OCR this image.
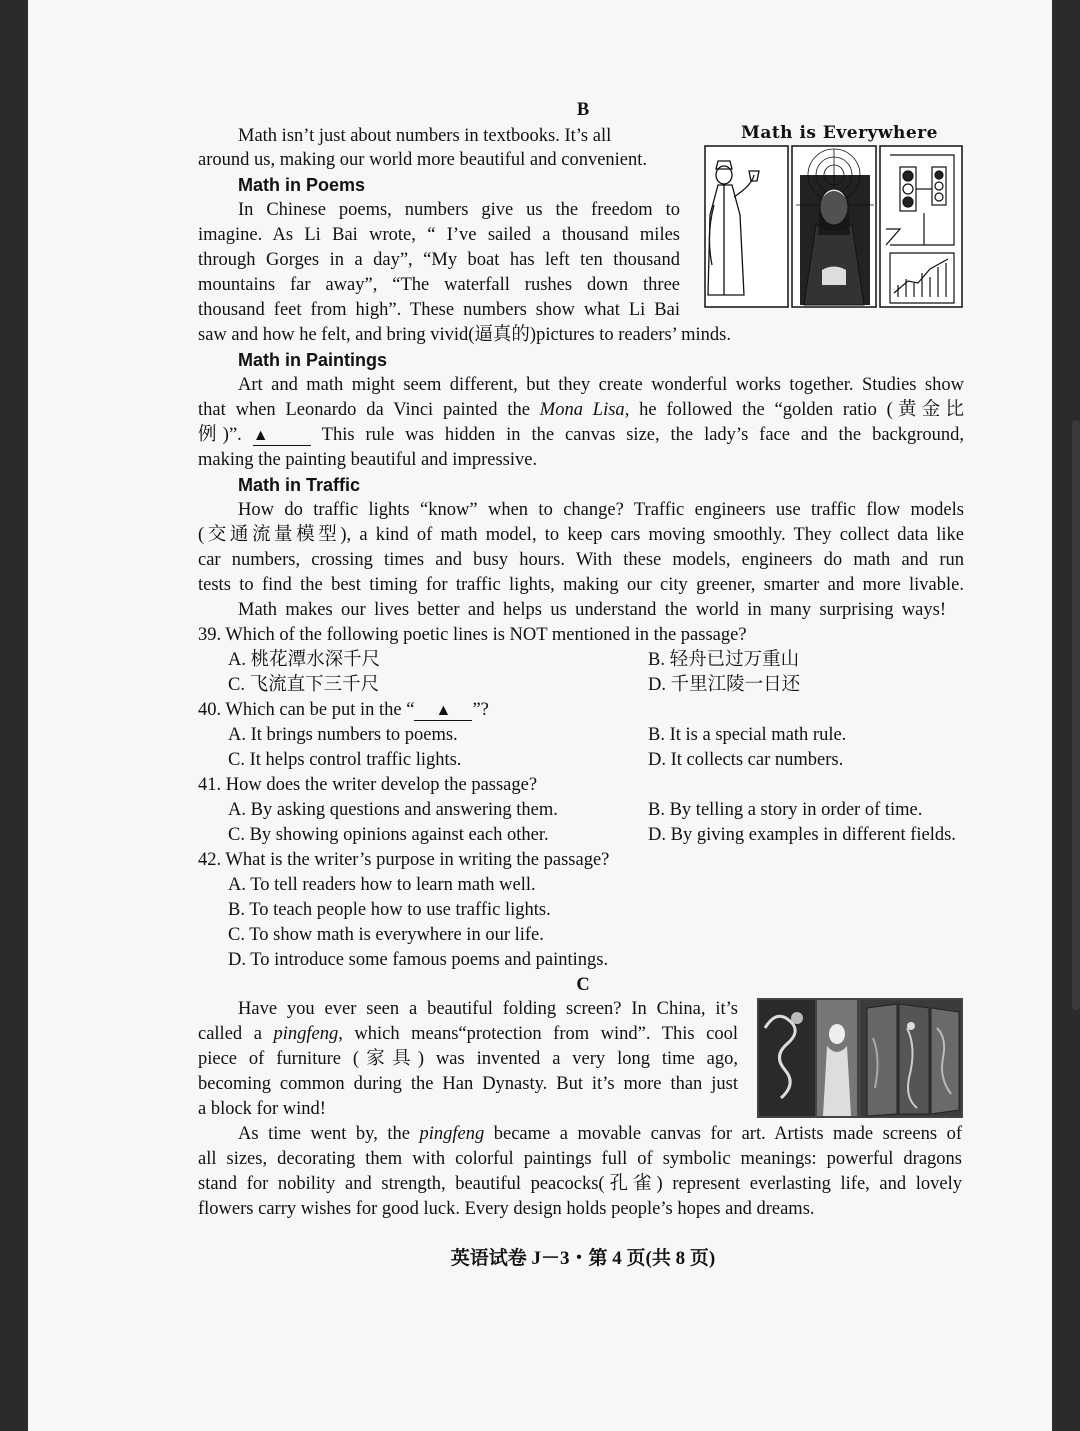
B
Math is Everywhere
Math isn’t just about numbers in textbooks. It’s all
around us, making our world more beautiful and convenient.
Math in Poems
In Chinese poems, numbers give us the freedom to
imagine. As Li Bai wrote, “ I’ve sailed a thousand miles
through Gorges in a day”, “My boat has left ten thousand
mountains far away”, “The waterfall rushes down three
thousand feet from high”. These numbers show what Li Bai
saw and how he felt, and bring vivid(逼真的)pictures to readers’ minds.
Math in Paintings
Art and math might seem different, but they create wonderful works together. Studies show
that when Leonardo da Vinci painted the Mona Lisa, he followed the “golden ratio (黄金比
例)”. ▲	This rule was hidden in the canvas size, the lady’s face and the background,
making the painting beautiful and impressive.
Math in Traffic
How do traffic lights “know” when to change? Traffic engineers use traffic flow models
(交通流量模型), a kind of math model, to keep cars moving smoothly. They collect data like
car numbers, crossing times and busy hours. With these models, engineers do math and run
tests to find the best timing for traffic lights, making our city greener, smarter and more livable.
Math makes our lives better and helps us understand the world in many surprising ways!
39. Which of the following poetic lines is NOT mentioned in the passage?
A. 桃花潭水深千尺	B. 轻舟已过万重山
C. 飞流直下三千尺	D. 千里江陵一日还
40. Which can be put in the “ ▲ ”?
A. It brings numbers to poems.	B. It is a special math rule.
C. It helps control traffic lights.	D. It collects car numbers.
41. How does the writer develop the passage?
A. By asking questions and answering them.	B. By telling a story in order of time.
C. By showing opinions against each other.	D. By giving examples in different fields.
42. What is the writer’s purpose in writing the passage?
A. To tell readers how to learn math well.
B. To teach people how to use traffic lights.
C. To show math is everywhere in our life.
D. To introduce some famous poems and paintings.
C
Have you ever seen a beautiful folding screen? In China, it’s
called a pingfeng, which means“protection from wind”. This cool
piece of furniture (家具) was invented a very long time ago,
becoming common during the Han Dynasty. But it’s more than just
a block for wind!
As time went by, the pingfeng became a movable canvas for art. Artists made screens of
all sizes, decorating them with colorful paintings full of symbolic meanings: powerful dragons
stand for nobility and strength, beautiful peacocks(孔雀) represent everlasting life, and lovely
flowers carry wishes for good luck. Every design holds people’s hopes and dreams.
英语试卷 J－3・第 4 页(共 8 页)
